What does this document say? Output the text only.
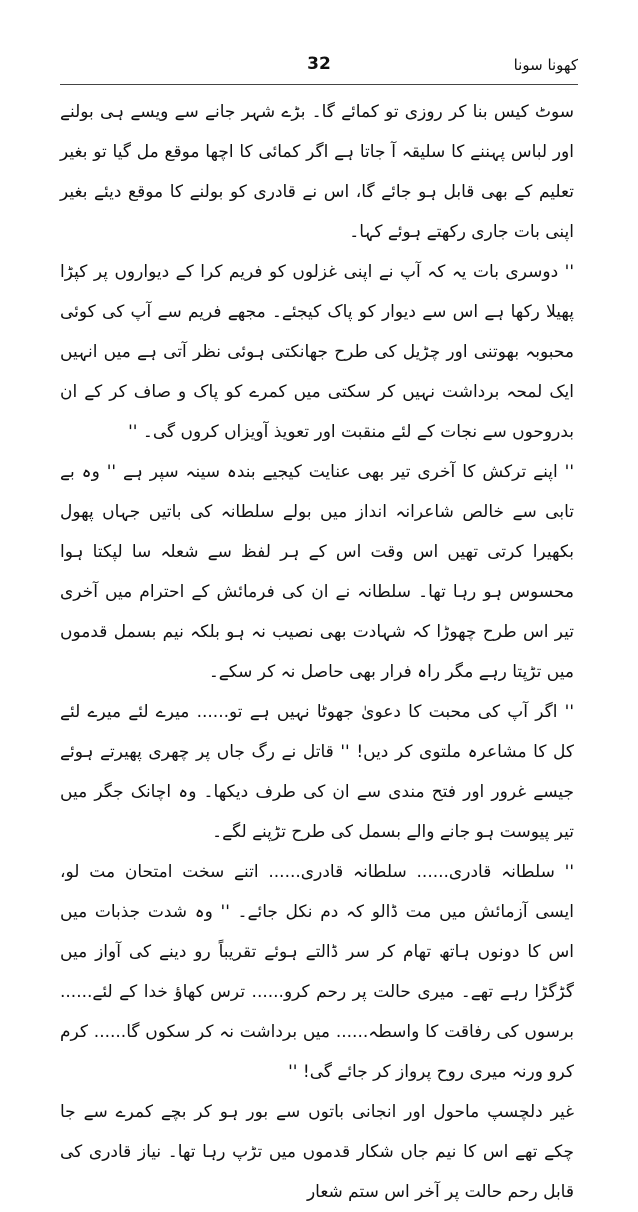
32	کھونا سونا

سوٹ کیس بنا کر روزی تو کمائے گا۔ بڑے شہر جانے سے ویسے ہی بولنے اور لباس پہننے کا سلیقہ آ جاتا ہے اگر کمائی کا اچھا موقع مل گیا تو بغیر تعلیم کے بھی قابل ہو جائے گا، اس نے قادری کو بولنے کا موقع دیئے بغیر اپنی بات جاری رکھتے ہوئے کہا۔

'' دوسری بات یہ کہ آپ نے اپنی غزلوں کو فریم کرا کے دیواروں پر کپڑا پھیلا رکھا ہے اس سے دیوار کو پاک کیجئے۔ مجھے فریم سے آپ کی کوئی محبوبہ بھوتنی اور چڑیل کی طرح جھانکتی ہوئی نظر آتی ہے میں انہیں ایک لمحہ برداشت نہیں کر سکتی میں کمرے کو پاک و صاف کر کے ان بدروحوں سے نجات کے لئے منقبت اور تعویذ آویزاں کروں گی۔ ''

'' اپنے ترکش کا آخری تیر بھی عنایت کیجیے بندہ سینہ سپر ہے '' وہ بے تابی سے خالص شاعرانہ انداز میں بولے سلطانہ کی باتیں جہاں پھول بکھیرا کرتی تھیں اس وقت اس کے ہر لفظ سے شعلہ سا لپکتا ہوا محسوس ہو رہا تھا۔ سلطانہ نے ان کی فرمائش کے احترام میں آخری تیر اس طرح چھوڑا کہ شہادت بھی نصیب نہ ہو بلکہ نیم بسمل قدموں میں تڑپتا رہے مگر راہ فرار بھی حاصل نہ کر سکے۔

'' اگر آپ کی محبت کا دعویٰ جھوٹا نہیں ہے تو...... میرے لئے میرے لئے کل کا مشاعرہ ملتوی کر دیں! '' قاتل نے رگ جاں پر چھری پھیرتے ہوئے جیسے غرور اور فتح مندی سے ان کی طرف دیکھا۔ وہ اچانک جگر میں تیر پیوست ہو جانے والے بسمل کی طرح تڑپنے لگے۔

'' سلطانہ قادری...... سلطانہ قادری...... اتنے سخت امتحان مت لو، ایسی آزمائش میں مت ڈالو کہ دم نکل جائے۔ '' وہ شدت جذبات میں اس کا دونوں ہاتھ تھام کر سر ڈالتے ہوئے تقریباً رو دینے کی آواز میں گڑگڑا رہے تھے۔ میری حالت پر رحم کرو...... ترس کھاؤ خدا کے لئے...... برسوں کی رفاقت کا واسطہ...... میں برداشت نہ کر سکوں گا...... کرم کرو ورنہ میری روح پرواز کر جائے گی! ''

غیر دلچسپ ماحول اور انجانی باتوں سے بور ہو کر بچے کمرے سے جا چکے تھے اس کا نیم جاں شکار قدموں میں تڑپ رہا تھا۔ نیاز قادری کی قابل رحم حالت پر آخر اس ستم شعار
